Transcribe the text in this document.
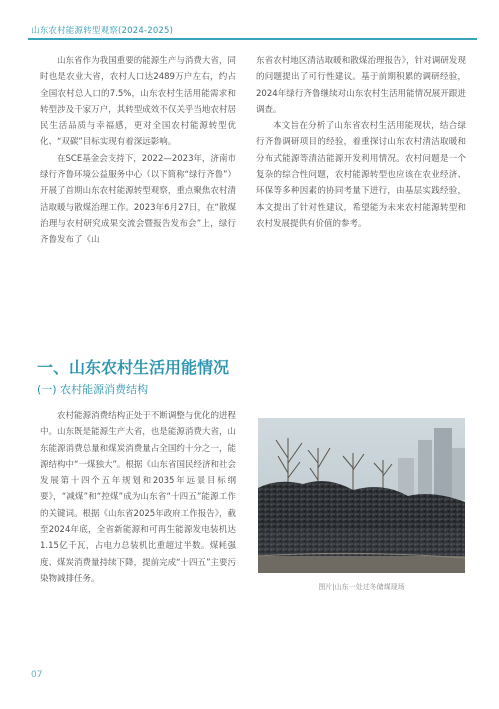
山东农村能源转型观察(2024-2025)

山东省作为我国重要的能源生产与消费大省，同时也是农业大省，农村人口达2489万户左右，约占全国农村总人口的7.5%，山东农村生活用能需求和转型涉及千家万户，其转型成效不仅关乎当地农村居民生活品质与幸福感，更对全国农村能源转型优化、“双碳”目标实现有着深远影响。

在SCE基金会支持下，2022—2023年，济南市绿行齐鲁环境公益服务中心（以下简称“绿行齐鲁”）开展了首期山东农村能源转型观察，重点聚焦农村清洁取暖与散煤治理工作。2023年6月27日，在“散煤治理与农村研究成果交流会暨报告发布会”上，绿行齐鲁发布了《山

东省农村地区清洁取暖和散煤治理报告》，针对调研发现的问题提出了可行性建议。基于前期积累的调研经验，2024年绿行齐鲁继续对山东农村生活用能情况展开跟进调查。

本文旨在分析了山东省农村生活用能现状，结合绿行齐鲁调研项目的经验，着重探讨山东农村清洁取暖和分布式能源等清洁能源开发利用情况。农村问题是一个复杂的综合性问题，农村能源转型也应该在农业经济、环保等多种因素的协同考量下进行，由基层实践经验，本文提出了针对性建议，希望能为未来农村能源转型和农村发展提供有价值的参考。

一、山东农村生活用能情况
(一) 农村能源消费结构

农村能源消费结构正处于不断调整与优化的进程中。山东既是能源生产大省，也是能源消费大省，山东能源消费总量和煤炭消费量占全国约十分之一，能源结构中“一煤独大”。根据《山东省国民经济和社会发展第十四个五年规划和2035年远景目标纲要》，“减煤”和“控煤”成为山东省“十四五”能源工作的关键词。根据《山东省2025年政府工作报告》，截至2024年底，全省新能源和可再生能源发电装机达1.15亿千瓦，占电力总装机比重超过半数。煤耗强度、煤炭消费量持续下降，提前完成“十四五”主要污染物减排任务。

图片|山东一处过冬储煤现场
07
